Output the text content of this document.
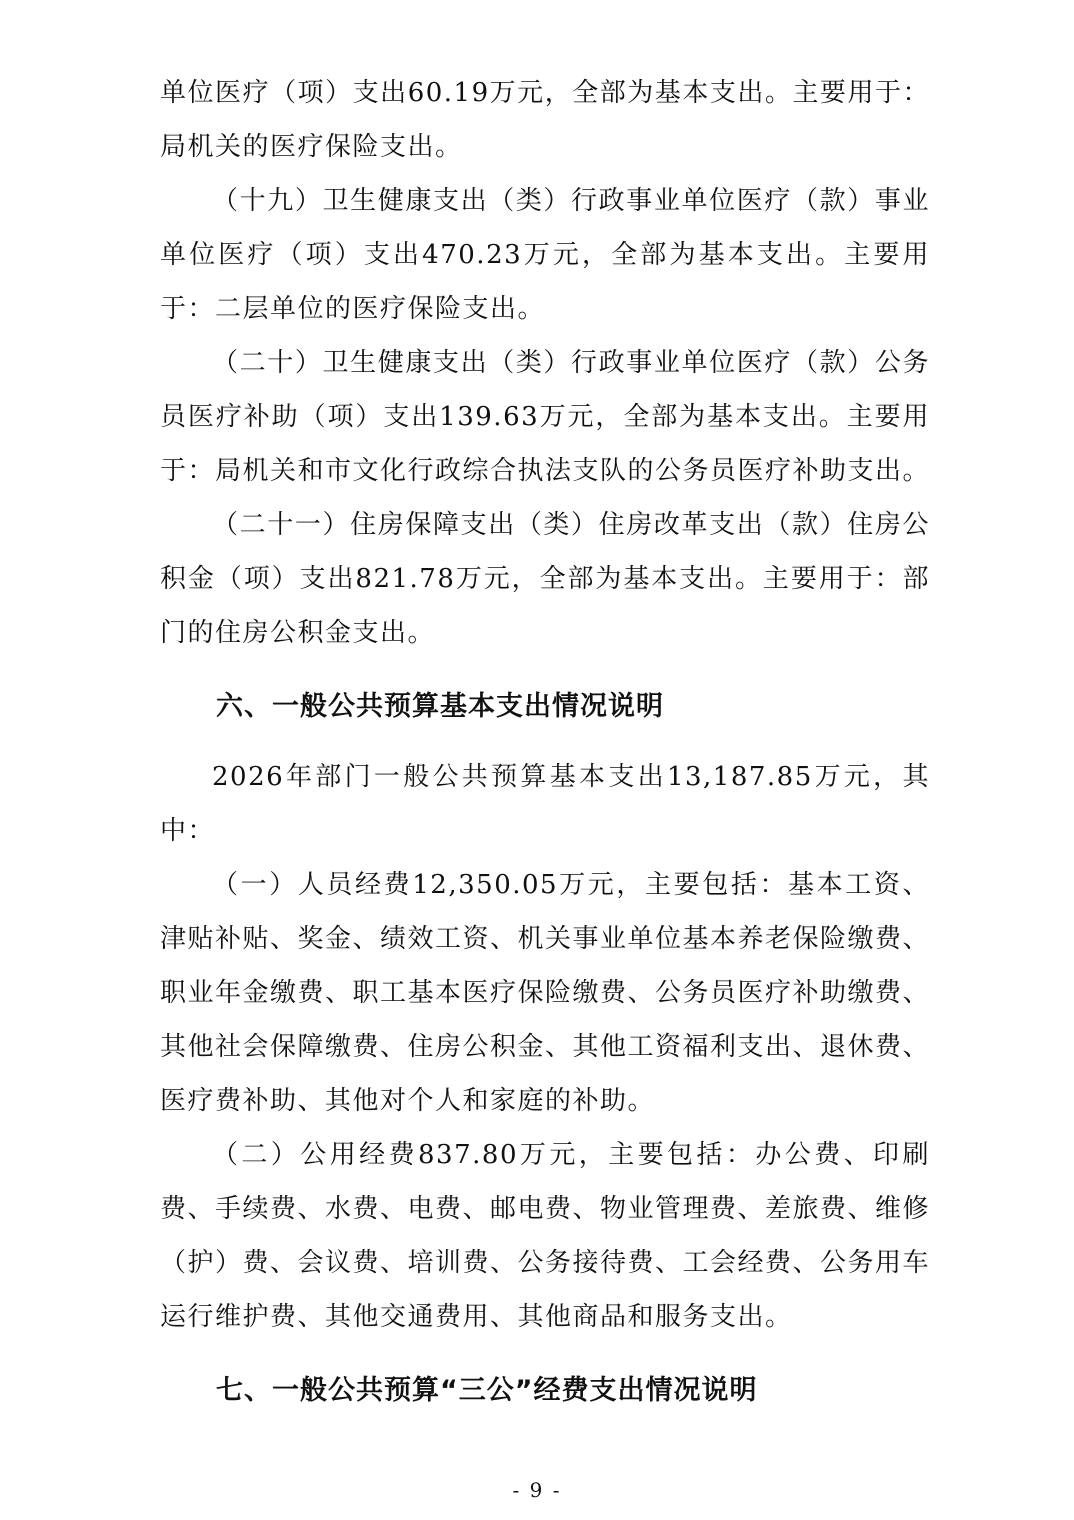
单位医疗（项）支出60.19万元，全部为基本支出。主要用于：局机关的医疗保险支出。

（十九）卫生健康支出（类）行政事业单位医疗（款）事业单位医疗（项）支出470.23万元，全部为基本支出。主要用于：二层单位的医疗保险支出。

（二十）卫生健康支出（类）行政事业单位医疗（款）公务员医疗补助（项）支出139.63万元，全部为基本支出。主要用于：局机关和市文化行政综合执法支队的公务员医疗补助支出。

（二十一）住房保障支出（类）住房改革支出（款）住房公积金（项）支出821.78万元，全部为基本支出。主要用于：部门的住房公积金支出。

六、一般公共预算基本支出情况说明

2026年部门一般公共预算基本支出13,187.85万元，其中：

（一）人员经费12,350.05万元，主要包括：基本工资、津贴补贴、奖金、绩效工资、机关事业单位基本养老保险缴费、职业年金缴费、职工基本医疗保险缴费、公务员医疗补助缴费、其他社会保障缴费、住房公积金、其他工资福利支出、退休费、医疗费补助、其他对个人和家庭的补助。

（二）公用经费837.80万元，主要包括：办公费、印刷费、手续费、水费、电费、邮电费、物业管理费、差旅费、维修（护）费、会议费、培训费、公务接待费、工会经费、公务用车运行维护费、其他交通费用、其他商品和服务支出。

七、一般公共预算“三公”经费支出情况说明
- 9 -
